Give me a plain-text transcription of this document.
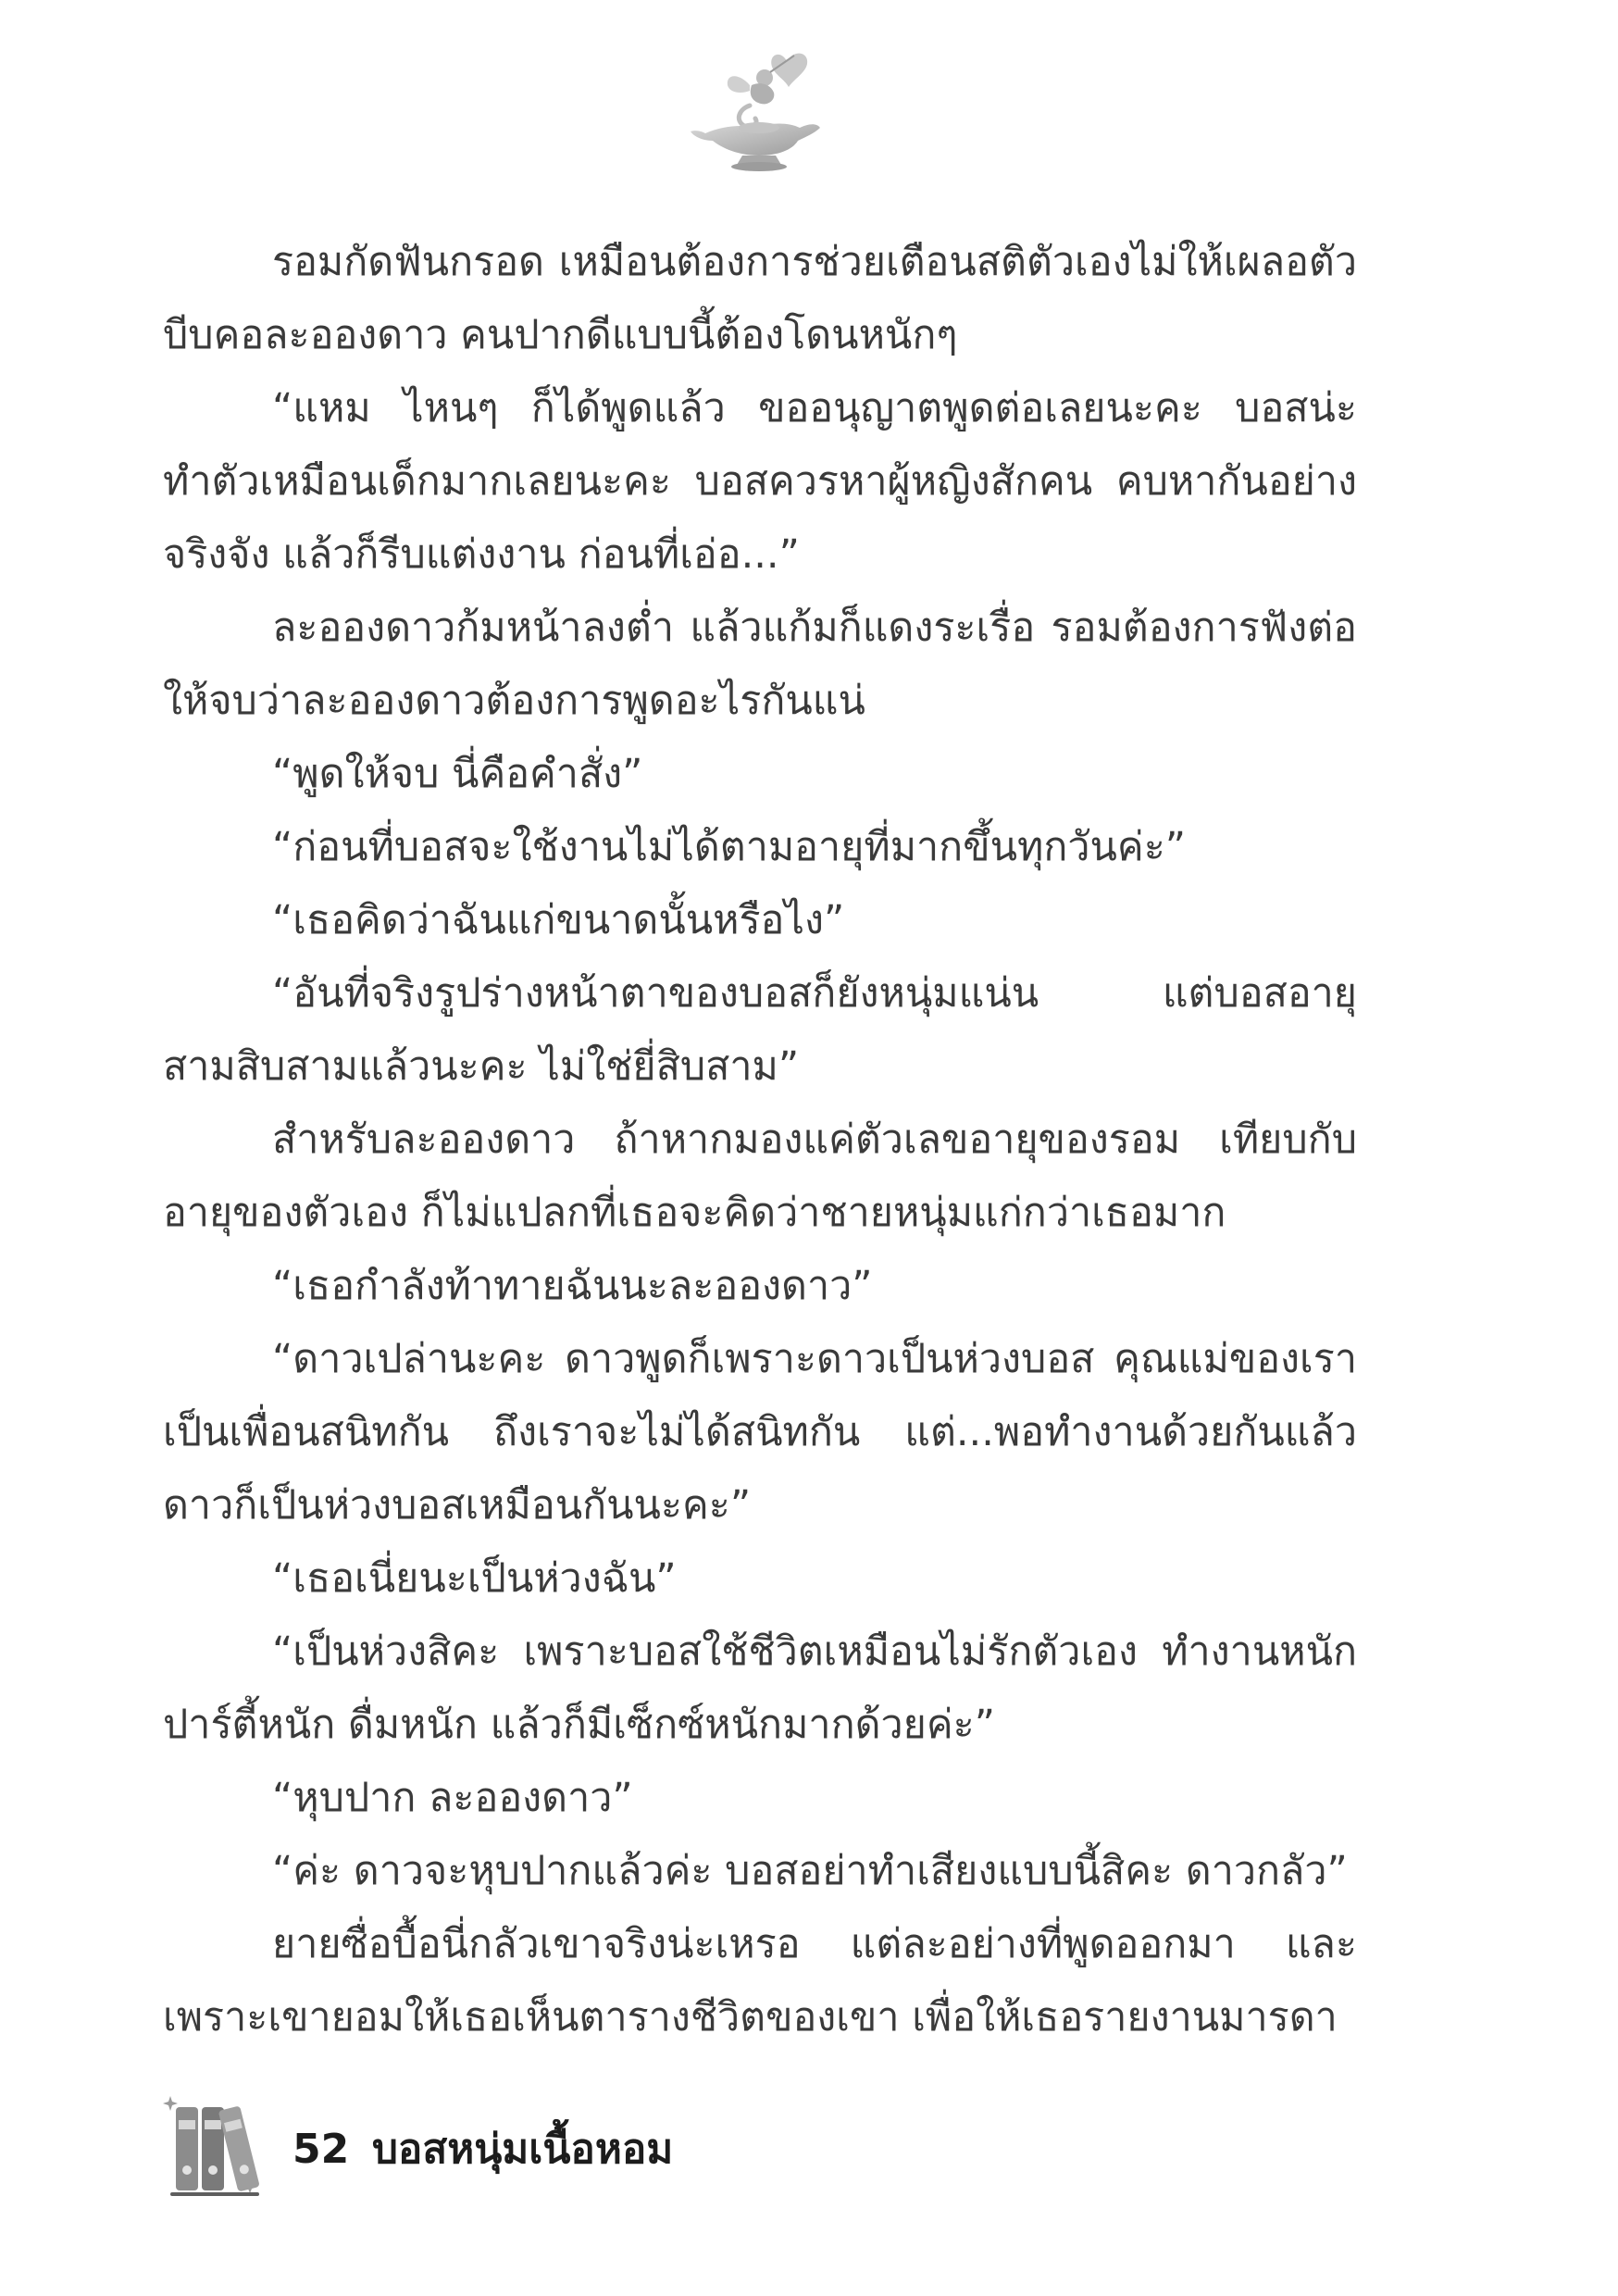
รอมกัดฟันกรอด เหมือนต้องการช่วยเตือนสติตัวเองไม่ให้เผลอตัวบีบคอละอองดาว คนปากดีแบบนี้ต้องโดนหนักๆ

“แหม ไหนๆ ก็ได้พูดแล้ว ขออนุญาตพูดต่อเลยนะคะ บอสน่ะทำตัวเหมือนเด็กมากเลยนะคะ บอสควรหาผู้หญิงสักคน คบหากันอย่างจริงจัง แล้วก็รีบแต่งงาน ก่อนที่เอ่อ...”

ละอองดาวก้มหน้าลงต่ำ แล้วแก้มก็แดงระเรื่อ รอมต้องการฟังต่อให้จบว่าละอองดาวต้องการพูดอะไรกันแน่

“พูดให้จบ นี่คือคำสั่ง”

“ก่อนที่บอสจะใช้งานไม่ได้ตามอายุที่มากขึ้นทุกวันค่ะ”

“เธอคิดว่าฉันแก่ขนาดนั้นหรือไง”

“อันที่จริงรูปร่างหน้าตาของบอสก็ยังหนุ่มแน่น แต่บอสอายุสามสิบสามแล้วนะคะ ไม่ใช่ยี่สิบสาม”

สำหรับละอองดาว ถ้าหากมองแค่ตัวเลขอายุของรอม เทียบกับอายุของตัวเอง ก็ไม่แปลกที่เธอจะคิดว่าชายหนุ่มแก่กว่าเธอมาก

“เธอกำลังท้าทายฉันนะละอองดาว”

“ดาวเปล่านะคะ ดาวพูดก็เพราะดาวเป็นห่วงบอส คุณแม่ของเราเป็นเพื่อนสนิทกัน ถึงเราจะไม่ได้สนิทกัน แต่...พอทำงานด้วยกันแล้วดาวก็เป็นห่วงบอสเหมือนกันนะคะ”

“เธอเนี่ยนะเป็นห่วงฉัน”

“เป็นห่วงสิคะ เพราะบอสใช้ชีวิตเหมือนไม่รักตัวเอง ทำงานหนักปาร์ตี้หนัก ดื่มหนัก แล้วก็มีเซ็กซ์หนักมากด้วยค่ะ”

“หุบปาก ละอองดาว”

“ค่ะ ดาวจะหุบปากแล้วค่ะ บอสอย่าทำเสียงแบบนี้สิคะ ดาวกลัว”

ยายซื่อบื้อนี่กลัวเขาจริงน่ะเหรอ แต่ละอย่างที่พูดออกมา และเพราะเขายอมให้เธอเห็นตารางชีวิตของเขา เพื่อให้เธอรายงานมารดา

52 บอสหนุ่มเนื้อหอม
